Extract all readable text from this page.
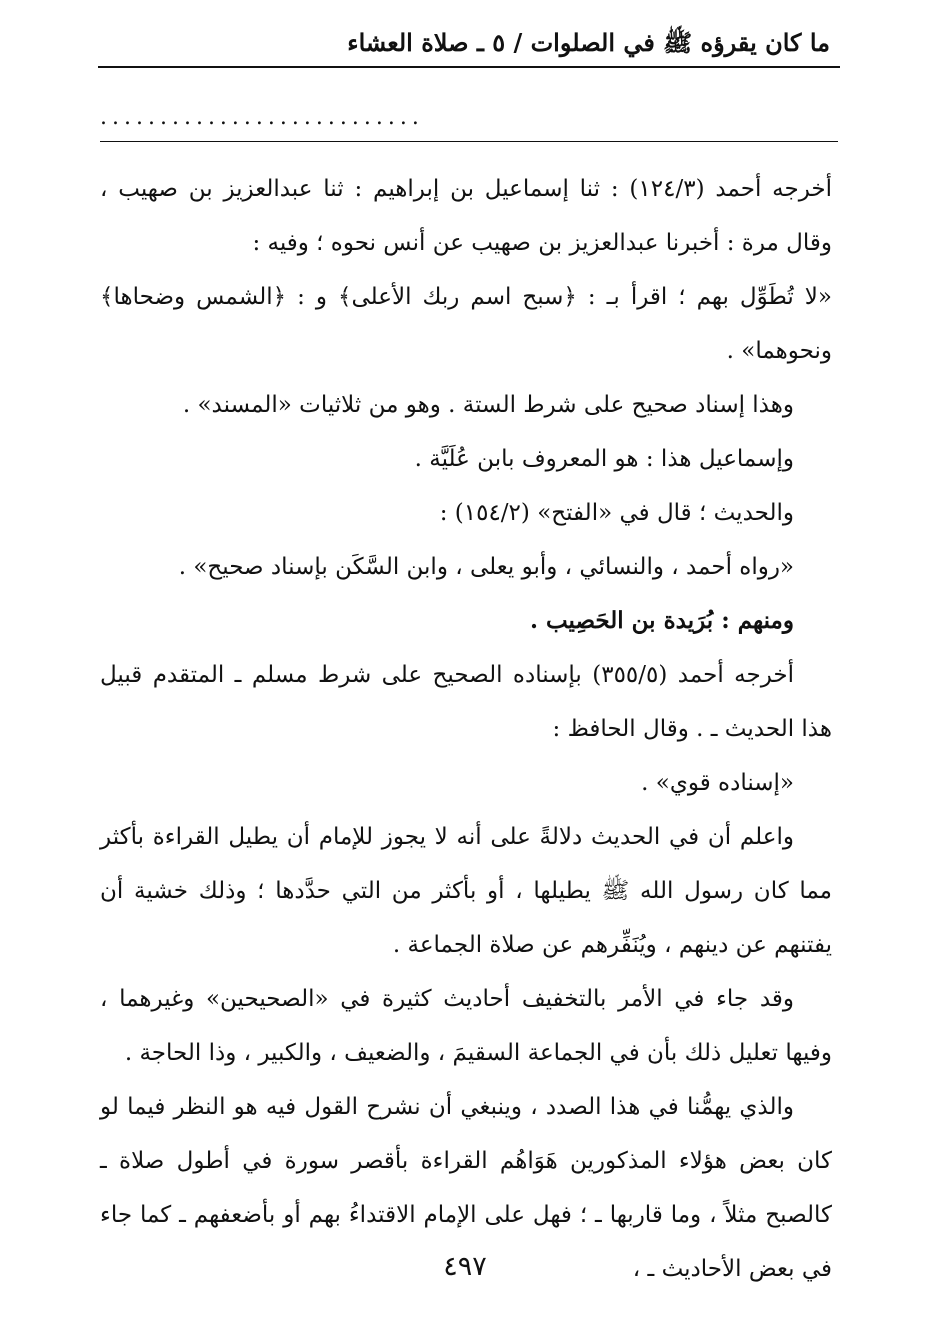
ما كان يقرؤه ﷺ في الصلوات / ٥ ـ صلاة العشاء
...........................

أخرجه أحمد (١٢٤/٣) : ثنا إسماعيل بن إبراهيم : ثنا عبدالعزيز بن صهيب ، وقال مرة : أخبرنا عبدالعزيز بن صهيب عن أنس نحوه ؛ وفيه :

«لا تُطَوِّل بهم ؛ اقرأ بـ : ﴿سبح اسم ربك الأعلى﴾ و : ﴿الشمس وضحاها﴾ ونحوهما» .

وهذا إسناد صحيح على شرط الستة . وهو من ثلاثيات «المسند» .

وإسماعيل هذا : هو المعروف بابن عُلَيَّة .

والحديث ؛ قال في «الفتح» (١٥٤/٢) :

«رواه أحمد ، والنسائي ، وأبو يعلى ، وابن السَّكَن بإسناد صحيح» .

ومنهم : بُرَيدة بن الحَصِيب .

أخرجه أحمد (٣٥٥/٥) بإسناده الصحيح على شرط مسلم ـ المتقدم قبيل هذا الحديث ـ . وقال الحافظ :

«إسناده قوي» .

واعلم أن في الحديث دلالةً على أنه لا يجوز للإمام أن يطيل القراءة بأكثر مما كان رسول الله ﷺ يطيلها ، أو بأكثر من التي حدَّدها ؛ وذلك خشية أن يفتنهم عن دينهم ، ويُنَفِّرهم عن صلاة الجماعة .

وقد جاء في الأمر بالتخفيف أحاديث كثيرة في «الصحيحين» وغيرهما ، وفيها تعليل ذلك بأن في الجماعة السقيمَ ، والضعيف ، والكبير ، وذا الحاجة .

والذي يهمُّنا في هذا الصدد ، وينبغي أن نشرح القول فيه هو النظر فيما لو كان بعض هؤلاء المذكورين هَوَاهُم القراءة بأقصر سورة في أطول صلاة ـ كالصبح مثلاً ، وما قاربها ـ ؛ فهل على الإمام الاقتداءُ بهم أو بأضعفهم ـ كما جاء في بعض الأحاديث ـ ،

٤٩٧
